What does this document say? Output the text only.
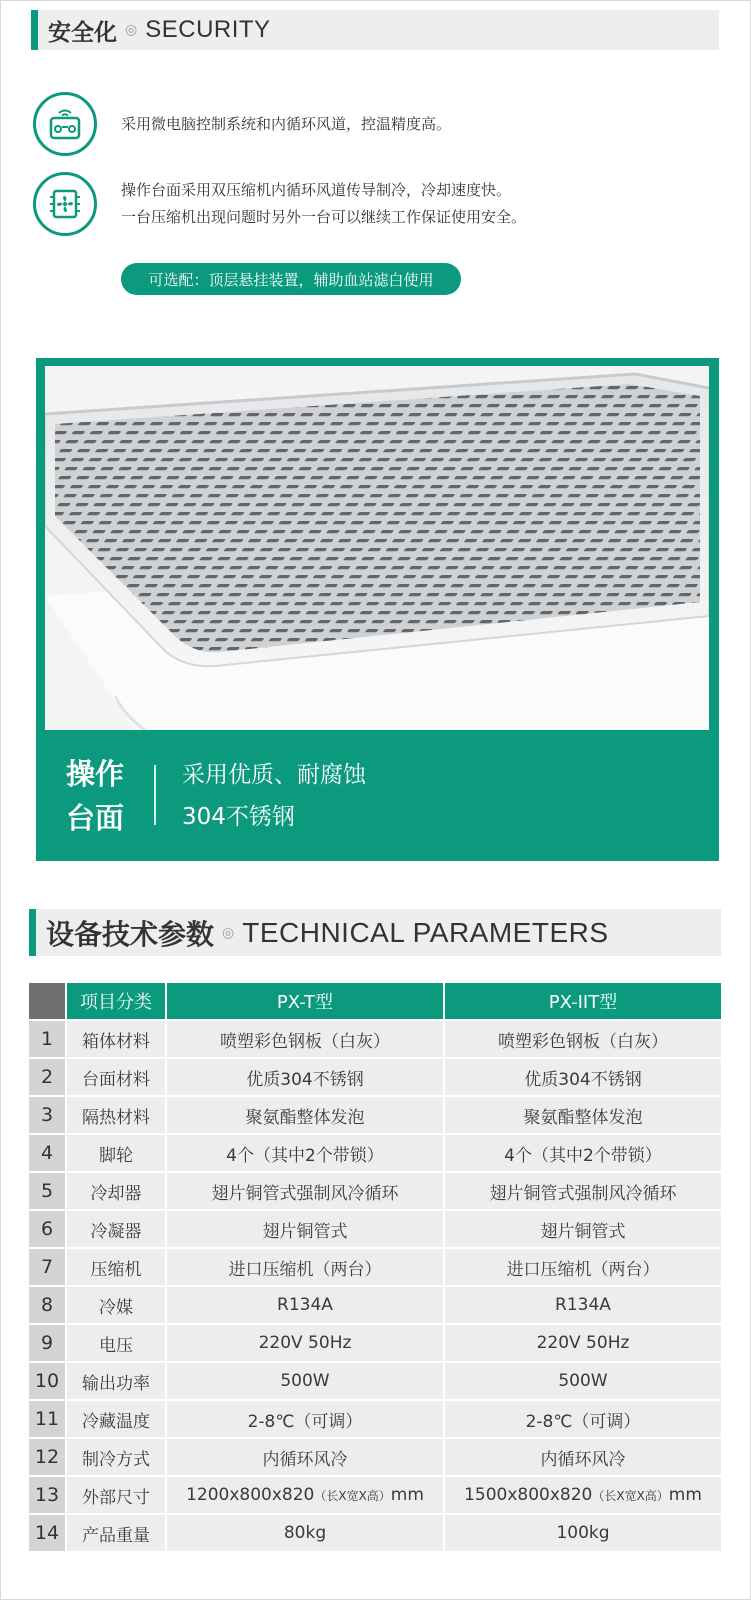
安全化 ◎ SECURITY
采用微电脑控制系统和内循环风道，控温精度高。
操作台面采用双压缩机内循环风道传导制冷，冷却速度快。
一台压缩机出现问题时另外一台可以继续工作保证使用安全。
可选配：顶层悬挂装置，辅助血站滤白使用
操作
台面
采用优质、耐腐蚀
304不锈钢
设备技术参数 ◎ TECHNICAL PARAMETERS
	项目分类	PX-T型	PX-IIT型
1	箱体材料	喷塑彩色钢板（白灰）	喷塑彩色钢板（白灰）
2	台面材料	优质304不锈钢	优质304不锈钢
3	隔热材料	聚氨酯整体发泡	聚氨酯整体发泡
4	脚轮	4个（其中2个带锁）	4个（其中2个带锁）
5	冷却器	翅片铜管式强制风冷循环	翅片铜管式强制风冷循环
6	冷凝器	翅片铜管式	翅片铜管式
7	压缩机	进口压缩机（两台）	进口压缩机（两台）
8	冷媒	R134A	R134A
9	电压	220V 50Hz	220V 50Hz
10	输出功率	500W	500W
11	冷藏温度	2-8℃（可调）	2-8℃（可调）
12	制冷方式	内循环风冷	内循环风冷
13	外部尺寸	1200x800x820（长X宽X高）mm	1500x800x820（长X宽X高）mm
14	产品重量	80kg	100kg
